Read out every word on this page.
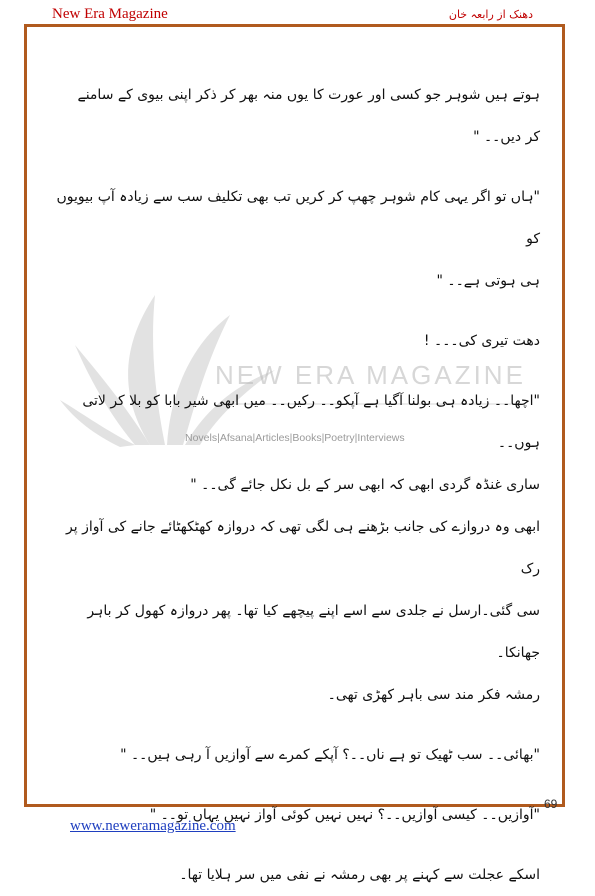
New Era Magazine	دھنک از رابعہ خان
NEW ERA MAGAZINE
Novels|Afsana|Articles|Books|Poetry|Interviews
ہوتے ہیں شوہر جو کسی اور عورت کا یوں منہ بھر کر ذکر اپنی بیوی کے سامنے
کر دیں۔۔ "
"ہاں تو اگر یہی کام شوہر چھپ کر کریں تب بھی تکلیف سب سے زیادہ آپ بیویوں کو
ہی ہوتی ہے۔۔ "
دھت تیری کی۔۔۔ !
"اچھا۔۔ زیادہ ہی بولنا آگیا ہے آپکو۔۔ رکیں۔۔ میں ابھی شیر بابا کو بلا کر لاتی ہوں۔۔
ساری غنڈہ گردی ابھی کہ ابھی سر کے بل نکل جائے گی۔۔ "
ابھی وہ دروازے کی جانب بڑھنے ہی لگی تھی کہ دروازہ کھٹکھٹائے جانے کی آواز پر رک
سی گئی۔ارسل نے جلدی سے اسے اپنے پیچھے کیا تھا۔ پھر دروازہ کھول کر باہر جھانکا۔
رمشہ فکر مند سی باہر کھڑی تھی۔
"بھائی۔۔ سب ٹھیک تو ہے ناں۔۔؟ آپکے کمرے سے آوازیں آ رہی ہیں۔۔ "
"آوازیں۔۔ کیسی آوازیں۔۔؟ نہیں نہیں کوئی آواز نہیں یہاں تو۔۔ "
اسکے عجلت سے کہنے پر بھی رمشہ نے نفی میں سر ہلایا تھا۔
69
www.neweramagazine.com
